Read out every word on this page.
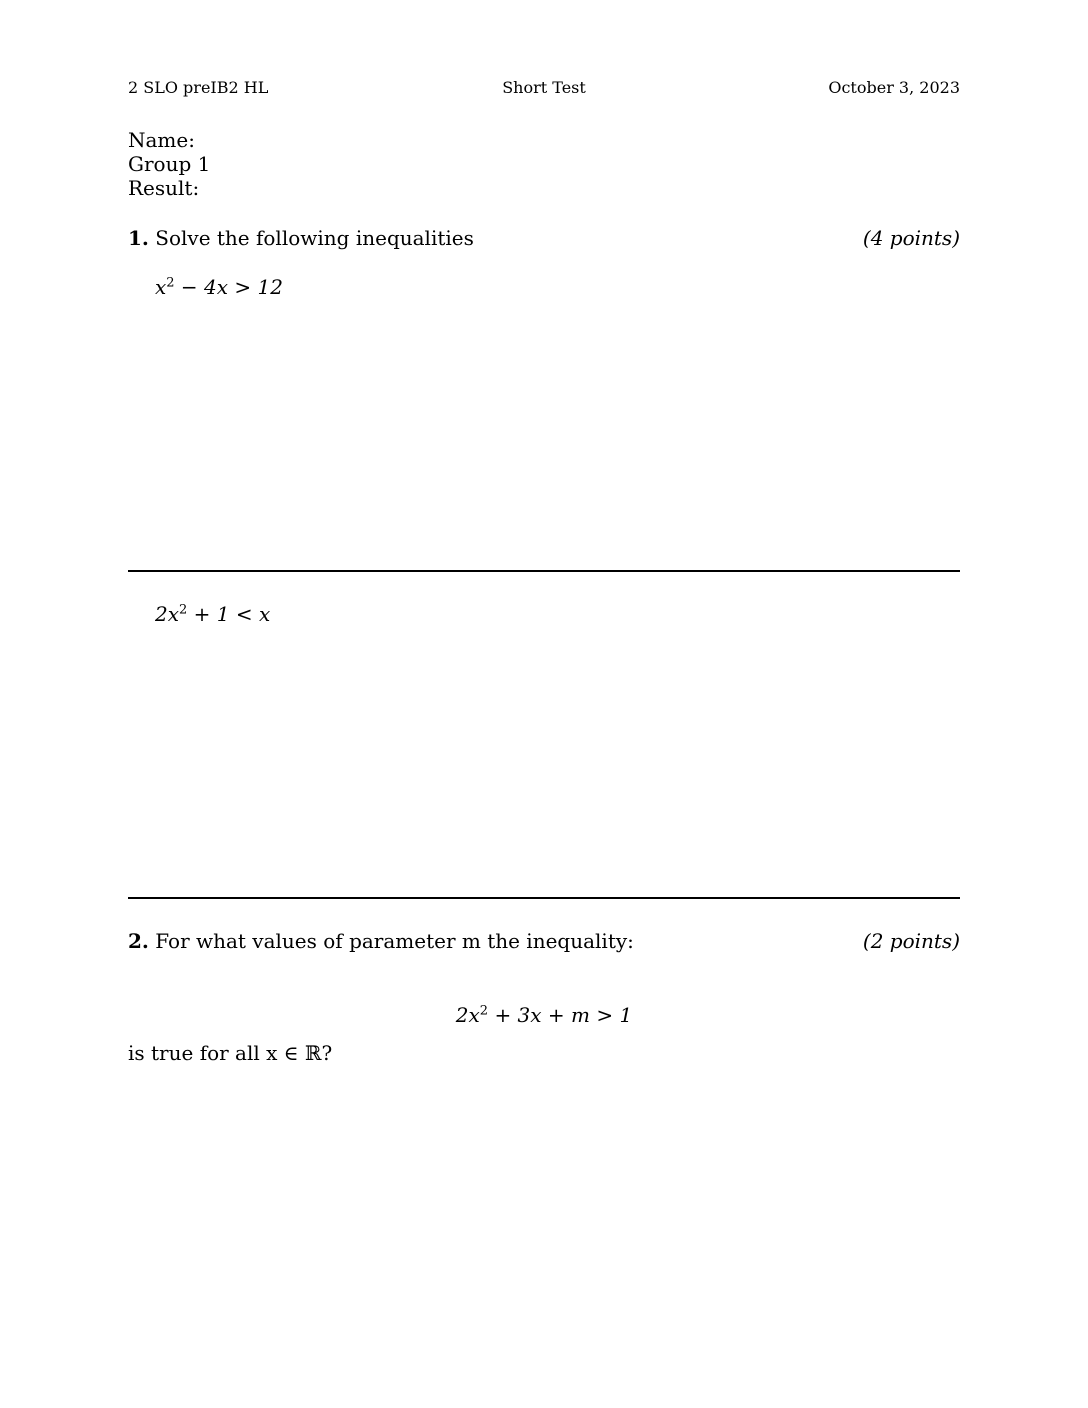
2 SLO preIB2 HL	Short Test	October 3, 2023
Name:
Group 1
Result:
1. Solve the following inequalities	(4 points)
$x^2 - 4x > 12$
$2x^2 + 1 < x$
2. For what values of parameter m the inequality:	(2 points)
$2x^2 + 3x + m > 1$
is true for all x ∈ ℝ?
